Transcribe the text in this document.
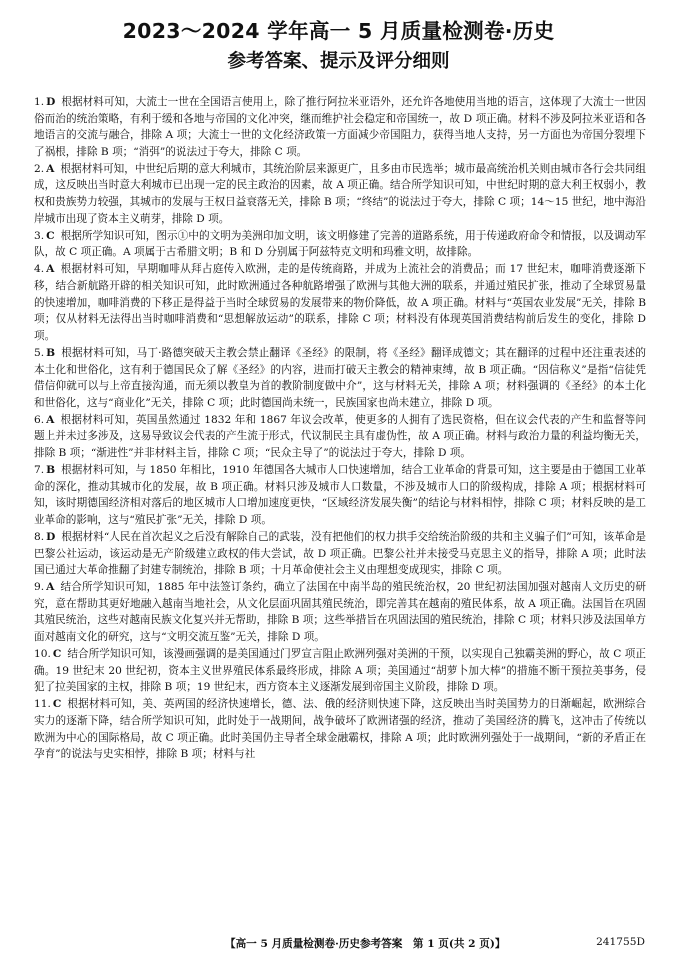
2023～2024 学年高一 5 月质量检测卷·历史
参考答案、提示及评分细则
1. D 根据材料可知，大流士一世在全国语言使用上，除了推行阿拉米亚语外，还允许各地使用当地的语言，这体现了大流士一世因俗而治的统治策略，有利于缓和各地与帝国的文化冲突，继而维护社会稳定和帝国统一，故 D 项正确。材料不涉及阿拉米亚语和各地语言的交流与融合，排除 A 项；大流士一世的文化经济政策一方面减少帝国阻力，获得当地人支持，另一方面也为帝国分裂埋下了祸根，排除 B 项；“消弭”的说法过于夸大，排除 C 项。
2. A 根据材料可知，中世纪后期的意大利城市，其统治阶层来源更广，且多由市民选举；城市最高统治机关则由城市各行会共同组成，这反映出当时意大利城市已出现一定的民主政治的因素，故 A 项正确。结合所学知识可知，中世纪时期的意大利王权弱小，教权和贵族势力较强，其城市的发展与王权日益衰落无关，排除 B 项；“终结”的说法过于夸大，排除 C 项；14～15 世纪，地中海沿岸城市出现了资本主义萌芽，排除 D 项。
3. C 根据所学知识可知，图示①中的文明为美洲印加文明，该文明修建了完善的道路系统，用于传递政府命令和情报，以及调动军队，故 C 项正确。A 项属于古希腊文明；B 和 D 分别属于阿兹特克文明和玛雅文明，故排除。
4. A 根据材料可知，早期咖啡从拜占庭传入欧洲，走的是传统商路，并成为上流社会的消费品；而 17 世纪末，咖啡消费逐渐下移，结合新航路开辟的相关知识可知，此时欧洲通过各种航路增强了欧洲与其他大洲的联系，并通过殖民扩张，推动了全球贸易量的快速增加，咖啡消费的下移正是得益于当时全球贸易的发展带来的物价降低，故 A 项正确。材料与“英国农业发展”无关，排除 B 项；仅从材料无法得出当时咖啡消费和“思想解放运动”的联系，排除 C 项；材料没有体现英国消费结构前后发生的变化，排除 D 项。
5. B 根据材料可知，马丁·路德突破天主教会禁止翻译《圣经》的限制，将《圣经》翻译成德文；其在翻译的过程中还注重表述的本土化和世俗化，这有利于德国民众了解《圣经》的内容，进而打破天主教会的精神束缚，故 B 项正确。“因信称义”是指“信徒凭借信仰就可以与上帝直接沟通，而无须以教皇为首的教阶制度做中介”，这与材料无关，排除 A 项；材料强调的《圣经》的本土化和世俗化，这与“商业化”无关，排除 C 项；此时德国尚未统一，民族国家也尚未建立，排除 D 项。
6. A 根据材料可知，英国虽然通过 1832 年和 1867 年议会改革，使更多的人拥有了选民资格，但在议会代表的产生和监督等问题上并未过多涉及，这易导致议会代表的产生流于形式，代议制民主具有虚伪性，故 A 项正确。材料与政治力量的利益均衡无关，排除 B 项；“渐进性”并非材料主旨，排除 C 项；“民众主导了”的说法过于夸大，排除 D 项。
7. B 根据材料可知，与 1850 年相比，1910 年德国各大城市人口快速增加，结合工业革命的背景可知，这主要是由于德国工业革命的深化，推动其城市化的发展，故 B 项正确。材料只涉及城市人口数量，不涉及城市人口的阶级构成，排除 A 项；根据材料可知，该时期德国经济相对落后的地区城市人口增加速度更快，“区域经济发展失衡”的结论与材料相悖，排除 C 项；材料反映的是工业革命的影响，这与“殖民扩张”无关，排除 D 项。
8. D 根据材料“人民在首次起义之后没有解除自己的武装，没有把他们的权力拱手交给统治阶级的共和主义骗子们”可知，该革命是巴黎公社运动，该运动是无产阶级建立政权的伟大尝试，故 D 项正确。巴黎公社并未接受马克思主义的指导，排除 A 项；此时法国已通过大革命推翻了封建专制统治，排除 B 项；十月革命使社会主义由理想变成现实，排除 C 项。
9. A 结合所学知识可知，1885 年中法签订条约，确立了法国在中南半岛的殖民统治权，20 世纪初法国加强对越南人文历史的研究，意在帮助其更好地融入越南当地社会，从文化层面巩固其殖民统治，即完善其在越南的殖民体系，故 A 项正确。法国旨在巩固其殖民统治，这些对越南民族文化复兴并无帮助，排除 B 项；这些举措旨在巩固法国的殖民统治，排除 C 项；材料只涉及法国单方面对越南文化的研究，这与“文明交流互鉴”无关，排除 D 项。
10. C 结合所学知识可知，该漫画强调的是美国通过门罗宣言阻止欧洲列强对美洲的干预，以实现自己独霸美洲的野心，故 C 项正确。19 世纪末 20 世纪初，资本主义世界殖民体系最终形成，排除 A 项；美国通过“胡萝卜加大棒”的措施不断干预拉美事务，侵犯了拉美国家的主权，排除 B 项；19 世纪末，西方资本主义逐渐发展到帝国主义阶段，排除 D 项。
11. C 根据材料可知，美、英两国的经济快速增长，德、法、俄的经济则快速下降，这反映出当时美国势力的日渐崛起，欧洲综合实力的逐渐下降，结合所学知识可知，此时处于一战期间，战争破坏了欧洲诸强的经济，推动了美国经济的腾飞，这冲击了传统以欧洲为中心的国际格局，故 C 项正确。此时美国仍主导者全球金融霸权，排除 A 项；此时欧洲列强处于一战期间，“新的矛盾正在孕育”的说法与史实相悖，排除 B 项；材料与社
【高一 5 月质量检测卷·历史参考答案　第 1 页(共 2 页)】	241755D
